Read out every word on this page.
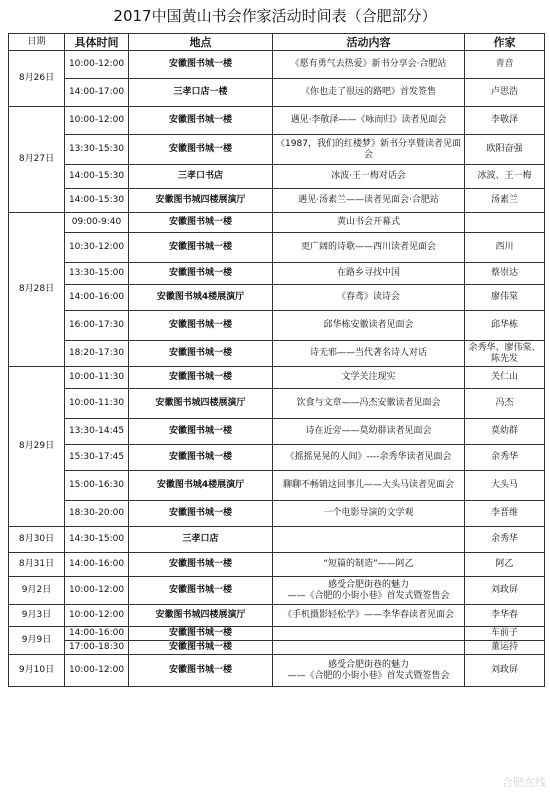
2017中国黄山书会作家活动时间表（合肥部分）
日期	具体时间	地点	活动内容	作家
8月26日	10:00-12:00	安徽图书城一楼	《愿有勇气去热爱》新书分享会·合肥站	青音
	14:00-17:00	三孝口店一楼	《你也走了很远的路吧》首发签售	卢思浩
8月27日	10:00-12:00	安徽图书城一楼	遇见·李敬泽——《咏而归》读者见面会	李敬泽
	13:30-15:30	安徽图书城一楼	《1987，我们的红楼梦》新书分享暨读者见面会	欧阳奋强
	14:00-15:30	三孝口书店	冰波·王一梅对话会	冰波、王一梅
	14:00-15:30	安徽图书城四楼展演厅	遇见·汤素兰——读者见面会·合肥站	汤素兰
8月28日	09:00-9:40	安徽图书城一楼	黄山书会开幕式	
	10:30-12:00	安徽图书城一楼	更广阔的诗歌——西川读者见面会	西川
	13:30-15:00	安徽图书城一楼	在路乡寻找中国	蔡崇达
	14:00-16:00	安徽图书城4楼展演厅	《春鸢》读诗会	廖伟棠
	16:00-17:30	安徽图书城一楼	邱华栋安徽读者见面会	邱华栋
	18:20-17:30	安徽图书城一楼	诗无邪——当代著名诗人对话	余秀华、廖伟棠、陈先发
8月29日	10:00-11:30	安徽图书城一楼	文学关注现实	关仁山
	10:00-11:30	安徽图书城四楼展演厅	饮食与文章——冯杰安徽读者见面会	冯杰
	13:30-14:45	安徽图书城一楼	诗在近旁——莫幼群读者见面会	莫幼群
	15:30-17:45	安徽图书城一楼	《摇摇晃晃的人间》----余秀华读者见面会	余秀华
	15:00-16:30	安徽图书城4楼展演厅	聊聊不畅销这回事儿——大头马读者见面会	大头马
	18:30-20:00	安徽图书城一楼	一个电影导演的文学观	李晋维
8月30日	14:30-15:00	三孝口店		余秀华
8月31日	14:00-16:00	安徽图书城一楼	“短篇的制造”——阿乙	阿乙
9月2日	10:00-12:00	安徽图书城一楼	感受合肥街巷的魅力
——《合肥的小街小巷》首发式暨签售会	刘政屏
9月3日	10:00-12:00	安徽图书城四楼展演厅	《手机摄影轻松学》——李华春读者见面会	李华春
9月9日	14:00-16:00	安徽图书城一楼		车前子
	17:00-18:30	安徽图书城一楼		董运持
9月10日	10:00-12:00	安徽图书城一楼	感受合肥街巷的魅力
——《合肥的小街小巷》首发式暨签售会	刘政屏
合肥在线
